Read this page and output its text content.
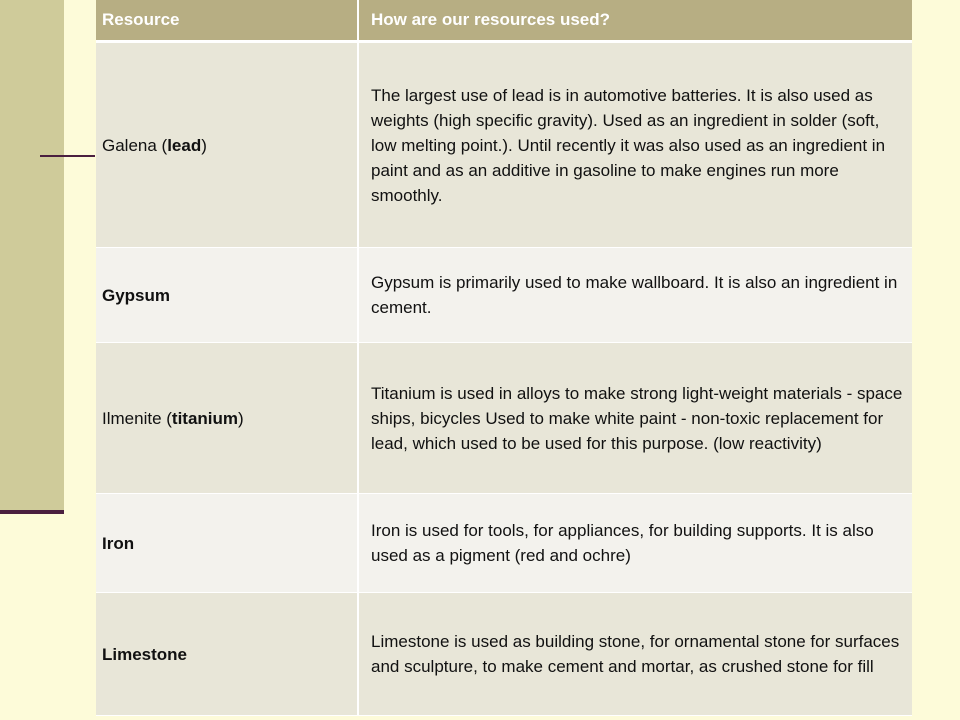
Resource	How are our resources used?
Galena (lead)	The largest use of lead is in automotive batteries. It is also used as weights (high specific gravity). Used as an ingredient in solder (soft, low melting point.). Until recently it was also used as an ingredient in paint and as an additive in gasoline to make engines run more smoothly.
Gypsum	Gypsum is primarily used to make wallboard. It is also an ingredient in cement.
Ilmenite (titanium)	Titanium is used in alloys to make strong light-weight materials - space ships, bicycles Used to make white paint - non-toxic replacement for lead, which used to be used for this purpose. (low reactivity)
Iron	Iron is used for tools, for appliances, for building supports. It is also used as a pigment (red and ochre)
Limestone	Limestone is used as building stone, for ornamental stone for surfaces and sculpture, to make cement and mortar, as crushed stone for fill
